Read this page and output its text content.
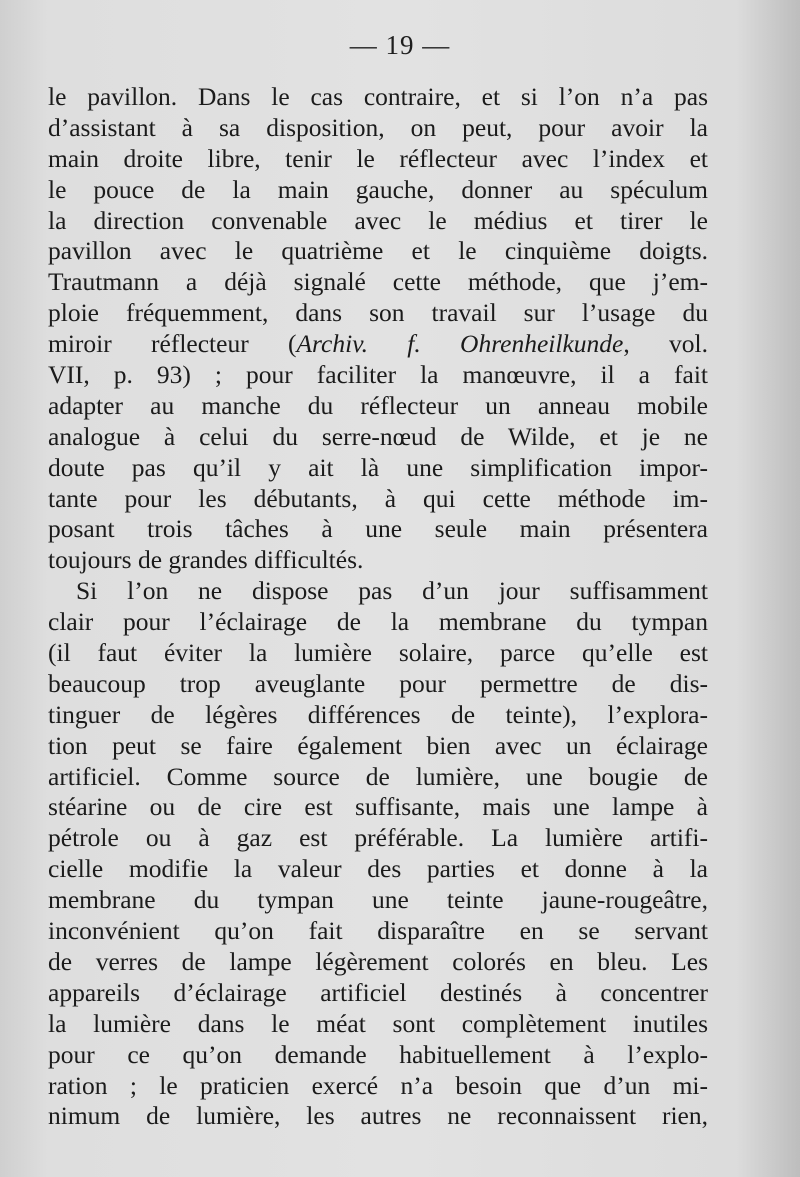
— 19 —
le pavillon. Dans le cas contraire, et si l’on n’a pas
d’assistant à sa disposition, on peut, pour avoir la
main droite libre, tenir le réflecteur avec l’index et
le pouce de la main gauche, donner au spéculum
la direction convenable avec le médius et tirer le
pavillon avec le quatrième et le cinquième doigts.
Trautmann a déjà signalé cette méthode, que j’em-
ploie fréquemment, dans son travail sur l’usage du
miroir réflecteur (Archiv. f. Ohrenheilkunde, vol.
VII, p. 93) ; pour faciliter la manœuvre, il a fait
adapter au manche du réflecteur un anneau mobile
analogue à celui du serre-nœud de Wilde, et je ne
doute pas qu’il y ait là une simplification impor-
tante pour les débutants, à qui cette méthode im-
posant trois tâches à une seule main présentera
toujours de grandes difficultés.
Si l’on ne dispose pas d’un jour suffisamment
clair pour l’éclairage de la membrane du tympan
(il faut éviter la lumière solaire, parce qu’elle est
beaucoup trop aveuglante pour permettre de dis-
tinguer de légères différences de teinte), l’explora-
tion peut se faire également bien avec un éclairage
artificiel. Comme source de lumière, une bougie de
stéarine ou de cire est suffisante, mais une lampe à
pétrole ou à gaz est préférable. La lumière artifi-
cielle modifie la valeur des parties et donne à la
membrane du tympan une teinte jaune-rougeâtre,
inconvénient qu’on fait disparaître en se servant
de verres de lampe légèrement colorés en bleu. Les
appareils d’éclairage artificiel destinés à concentrer
la lumière dans le méat sont complètement inutiles
pour ce qu’on demande habituellement à l’explo-
ration ; le praticien exercé n’a besoin que d’un mi-
nimum de lumière, les autres ne reconnaissent rien,
